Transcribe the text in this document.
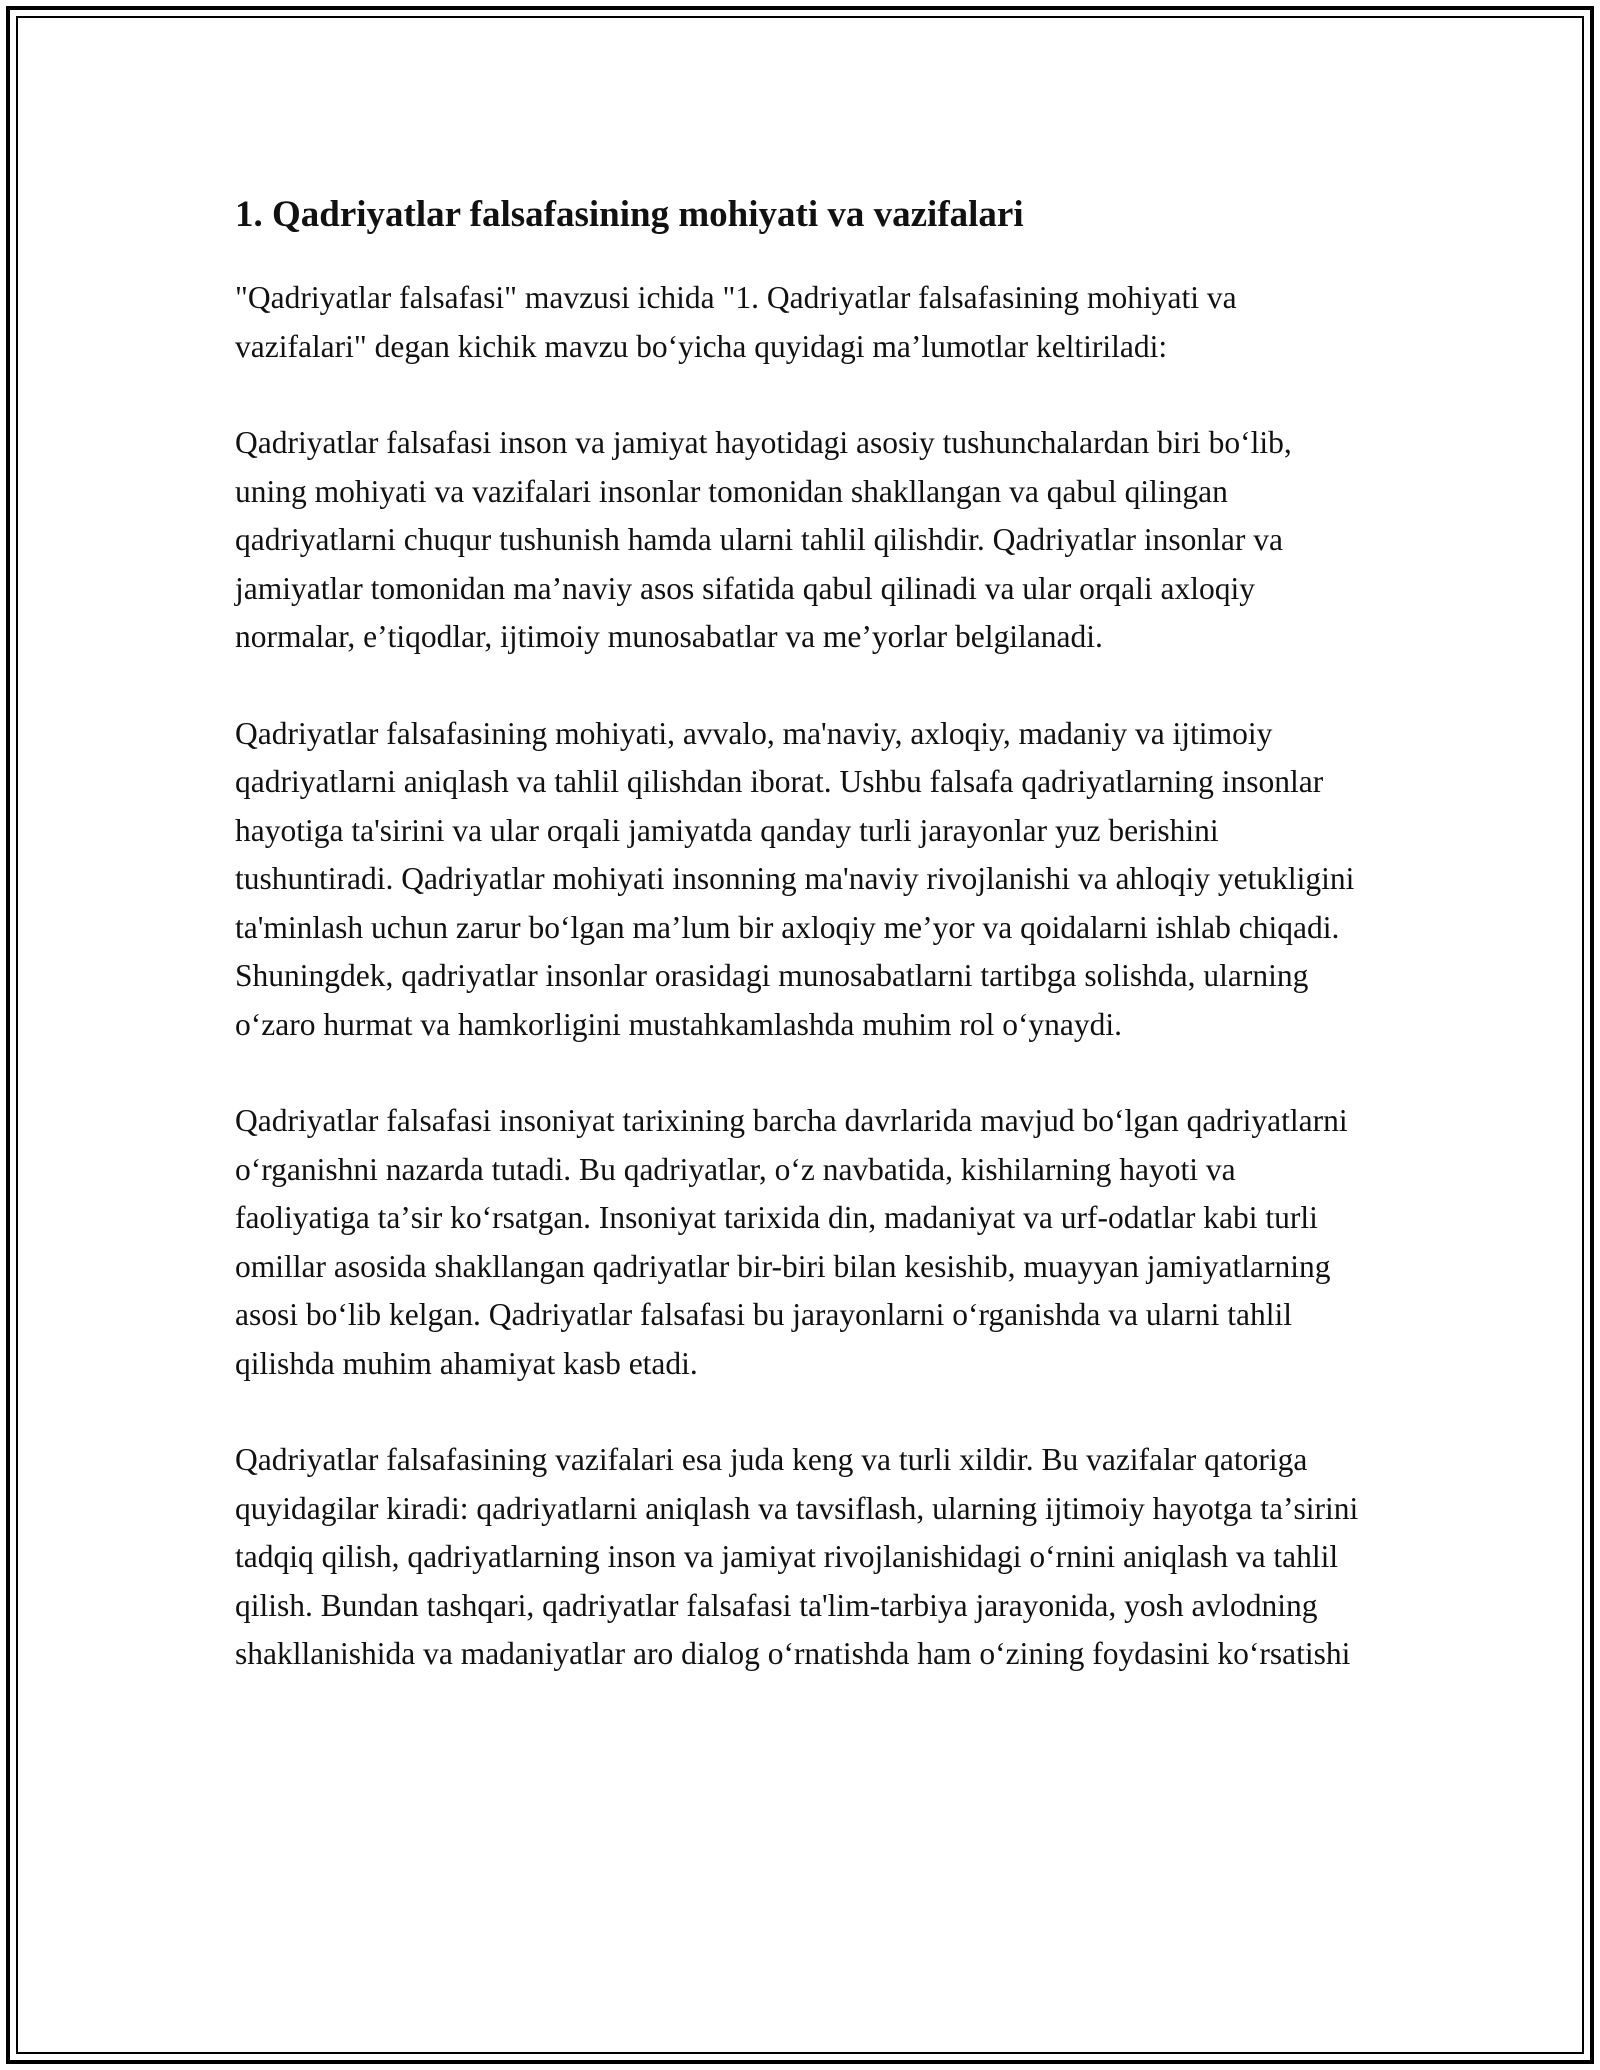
1. Qadriyatlar falsafasining mohiyati va vazifalari

"Qadriyatlar falsafasi" mavzusi ichida "1. Qadriyatlar falsafasining mohiyati va vazifalari" degan kichik mavzu boʻyicha quyidagi maʼlumotlar keltiriladi:

Qadriyatlar falsafasi inson va jamiyat hayotidagi asosiy tushunchalardan biri boʻlib, uning mohiyati va vazifalari insonlar tomonidan shakllangan va qabul qilingan qadriyatlarni chuqur tushunish hamda ularni tahlil qilishdir. Qadriyatlar insonlar va jamiyatlar tomonidan maʼnaviy asos sifatida qabul qilinadi va ular orqali axloqiy normalar, eʼtiqodlar, ijtimoiy munosabatlar va meʼyorlar belgilanadi.

Qadriyatlar falsafasining mohiyati, avvalo, ma'naviy, axloqiy, madaniy va ijtimoiy qadriyatlarni aniqlash va tahlil qilishdan iborat. Ushbu falsafa qadriyatlarning insonlar hayotiga ta'sirini va ular orqali jamiyatda qanday turli jarayonlar yuz berishini tushuntiradi. Qadriyatlar mohiyati insonning ma'naviy rivojlanishi va ahloqiy yetukligini ta'minlash uchun zarur boʻlgan maʼlum bir axloqiy meʼyor va qoidalarni ishlab chiqadi. Shuningdek, qadriyatlar insonlar orasidagi munosabatlarni tartibga solishda, ularning oʻzaro hurmat va hamkorligini mustahkamlashda muhim rol oʻynaydi.

Qadriyatlar falsafasi insoniyat tarixining barcha davrlarida mavjud boʻlgan qadriyatlarni oʻrganishni nazarda tutadi. Bu qadriyatlar, oʻz navbatida, kishilarning hayoti va faoliyatiga taʼsir koʻrsatgan. Insoniyat tarixida din, madaniyat va urf-odatlar kabi turli omillar asosida shakllangan qadriyatlar bir-biri bilan kesishib, muayyan jamiyatlarning asosi boʻlib kelgan. Qadriyatlar falsafasi bu jarayonlarni oʻrganishda va ularni tahlil qilishda muhim ahamiyat kasb etadi.

Qadriyatlar falsafasining vazifalari esa juda keng va turli xildir. Bu vazifalar qatoriga quyidagilar kiradi: qadriyatlarni aniqlash va tavsiflash, ularning ijtimoiy hayotga taʼsirini tadqiq qilish, qadriyatlarning inson va jamiyat rivojlanishidagi oʻrnini aniqlash va tahlil qilish. Bundan tashqari, qadriyatlar falsafasi ta'lim-tarbiya jarayonida, yosh avlodning shakllanishida va madaniyatlar aro dialog oʻrnatishda ham oʻzining foydasini koʻrsatishi
